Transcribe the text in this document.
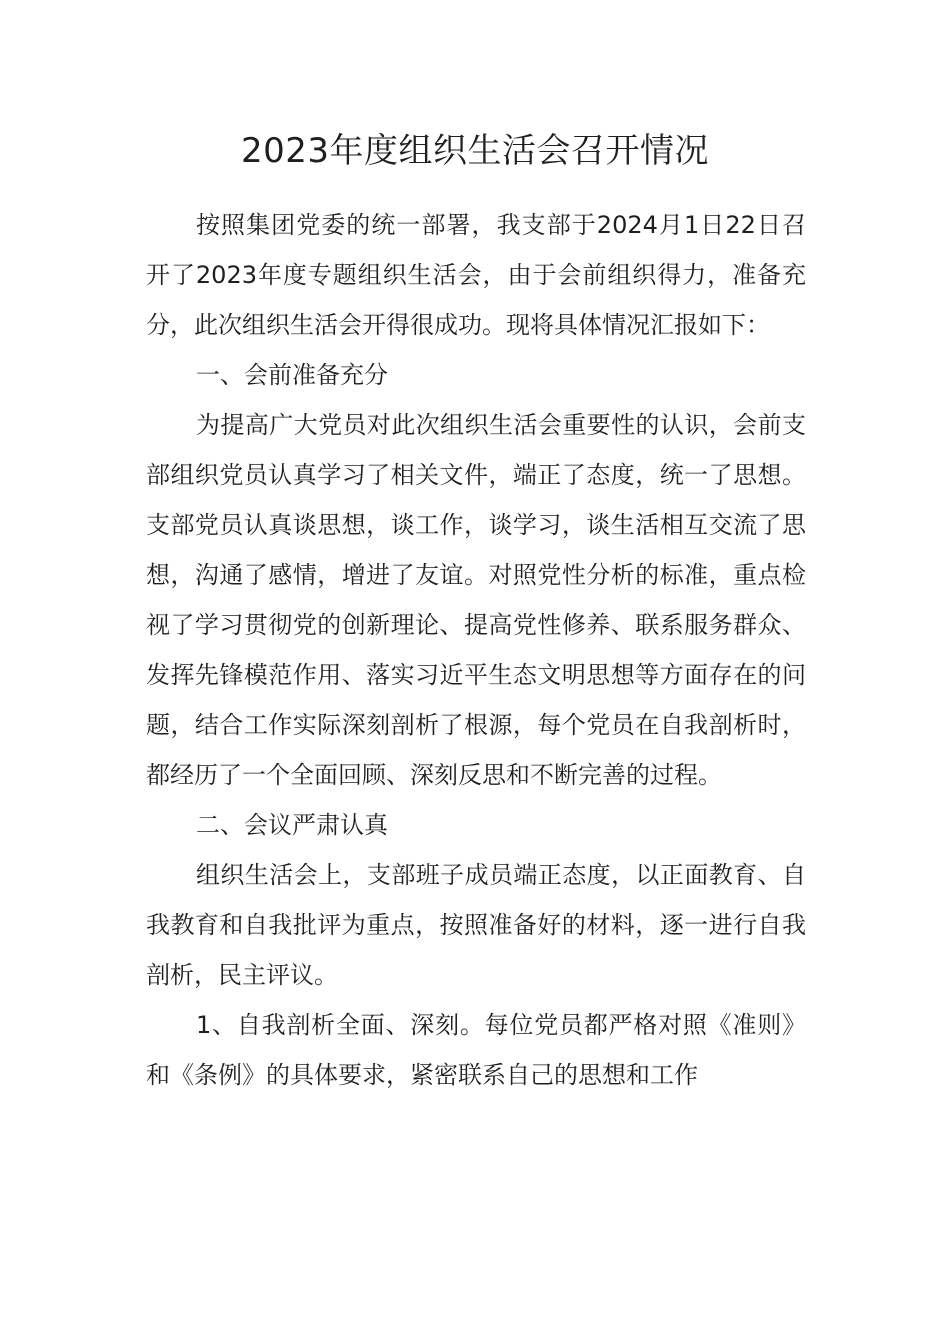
2023年度组织生活会召开情况

按照集团党委的统一部署，我支部于2024月1日22日召开了2023年度专题组织生活会，由于会前组织得力，准备充分，此次组织生活会开得很成功。现将具体情况汇报如下：

一、会前准备充分

为提高广大党员对此次组织生活会重要性的认识，会前支部组织党员认真学习了相关文件，端正了态度，统一了思想。支部党员认真谈思想，谈工作，谈学习，谈生活相互交流了思想，沟通了感情，增进了友谊。对照党性分析的标准，重点检视了学习贯彻党的创新理论、提高党性修养、联系服务群众、发挥先锋模范作用、落实习近平生态文明思想等方面存在的问题，结合工作实际深刻剖析了根源，每个党员在自我剖析时，都经历了一个全面回顾、深刻反思和不断完善的过程。

二、会议严肃认真

组织生活会上，支部班子成员端正态度，以正面教育、自我教育和自我批评为重点，按照准备好的材料，逐一进行自我剖析，民主评议。

1、自我剖析全面、深刻。每位党员都严格对照《准则》和《条例》的具体要求，紧密联系自己的思想和工作
